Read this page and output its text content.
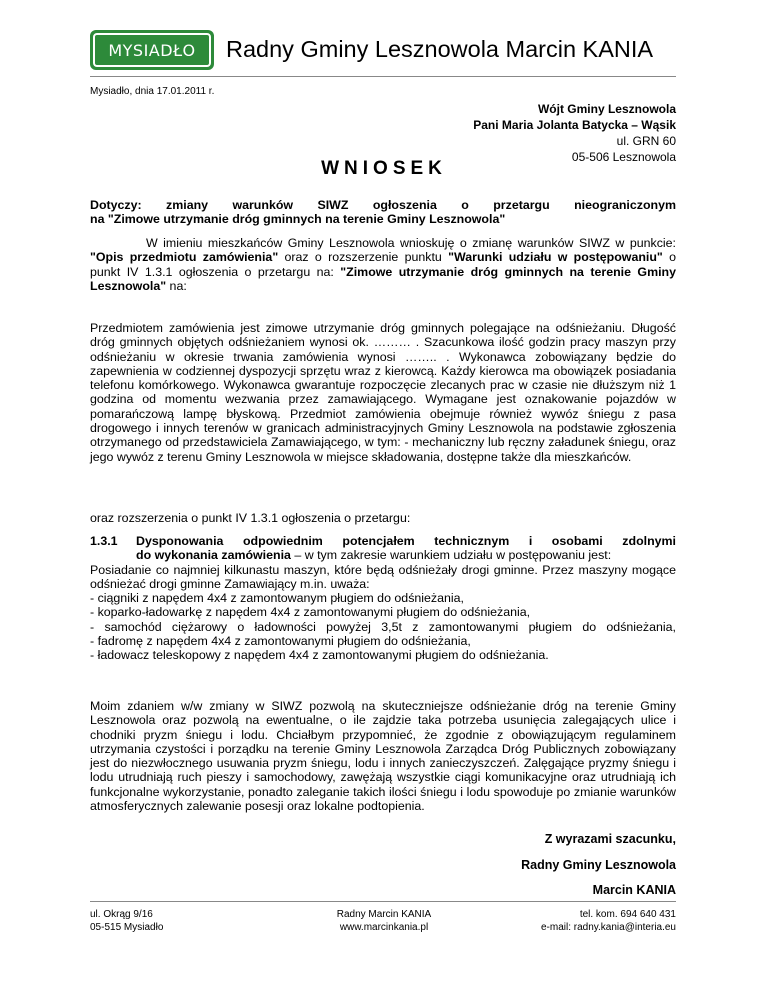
MYSIADŁO	Radny Gminy Lesznowola Marcin KANIA
Mysiadło, dnia 17.01.2011 r.
Wójt Gminy Lesznowola
Pani Maria Jolanta Batycka – Wąsik
ul. GRN 60
05-506 Lesznowola
WNIOSEK
Dotyczy: zmiany warunków SIWZ ogłoszenia o przetargu nieograniczonym
na "Zimowe utrzymanie dróg gminnych na terenie Gminy Lesznowola"
W imieniu mieszkańców Gminy Lesznowola wnioskuję o zmianę warunków SIWZ w punkcie: "Opis przedmiotu zamówienia" oraz o rozszerzenie punktu "Warunki udziału w postępowaniu" ο punkt IV 1.3.1 ogłoszenia o przetargu na: "Zimowe utrzymanie dróg gminnych na terenie Gminy Lesznowola" na:
Przedmiotem zamówienia jest zimowe utrzymanie dróg gminnych polegające na odśnieżaniu. Długość dróg gminnych objętych odśnieżaniem wynosi ok. ……… . Szacunkowa ilość godzin pracy maszyn przy odśnieżaniu w okresie trwania zamówienia wynosi …….. . Wykonawca zobowiązany będzie do zapewnienia w codziennej dyspozycji sprzętu wraz z kierowcą. Każdy kierowca ma obowiązek posiadania telefonu komórkowego. Wykonawca gwarantuje rozpoczęcie zlecanych prac w czasie nie dłuższym niż 1 godzina od momentu wezwania przez zamawiającego. Wymagane jest oznakowanie pojazdów w pomarańczową lampę błyskową. Przedmiot zamówienia obejmuje również wywóz śniegu z pasa drogowego i innych terenów w granicach administracyjnych Gminy Lesznowola na podstawie zgłoszenia otrzymanego od przedstawiciela Zamawiającego, w tym: - mechaniczny lub ręczny załadunek śniegu, oraz jego wywóz z terenu Gminy Lesznowola w miejsce składowania, dostępne także dla mieszkańców.
oraz rozszerzenia o punkt IV 1.3.1 ogłoszenia o przetargu:
1.3.1 Dysponowania odpowiednim potencjałem technicznym i osobami zdolnymi
do wykonania zamówienia – w tym zakresie warunkiem udziału w postępowaniu jest:
Posiadanie co najmniej kilkunastu maszyn, które będą odśnieżały drogi gminne. Przez maszyny mogące odśnieżać drogi gminne Zamawiający m.in. uważa:
- ciągniki z napędem 4x4 z zamontowanym pługiem do odśnieżania,
- koparko-ładowarkę z napędem 4x4 z zamontowanymi pługiem do odśnieżania,
- samochód ciężarowy o ładowności powyżej 3,5t z zamontowanymi pługiem do odśnieżania,
- fadromę z napędem 4x4 z zamontowanymi pługiem do odśnieżania,
- ładowacz teleskopowy z napędem 4x4 z zamontowanymi pługiem do odśnieżania.
Moim zdaniem w/w zmiany w SIWZ pozwolą na skuteczniejsze odśnieżanie dróg na terenie Gminy Lesznowola oraz pozwolą na ewentualne, o ile zajdzie taka potrzeba usunięcia zalegających ulice i chodniki pryzm śniegu i lodu. Chciałbym przypomnieć, że zgodnie z obowiązującym regulaminem utrzymania czystości i porządku na terenie Gminy Lesznowola Zarządca Dróg Publicznych zobowiązany jest do niezwłocznego usuwania pryzm śniegu, lodu i innych zanieczyszczeń. Zalęgające pryzmy śniegu i lodu utrudniają ruch pieszy i samochodowy, zawężają wszystkie ciągi komunikacyjne oraz utrudniają ich funkcjonalne wykorzystanie, ponadto zaleganie takich ilości śniegu i lodu spowoduje po zmianie warunków atmosferycznych zalewanie posesji oraz lokalne podtopienia.
Z wyrazami szacunku,
Radny Gminy Lesznowola
Marcin KANIA
ul. Okrąg 9/16
05-515 Mysiadło
Radny Marcin KANIA
www.marcinkania.pl
tel. kom. 694 640 431
e-mail: radny.kania@interia.eu
